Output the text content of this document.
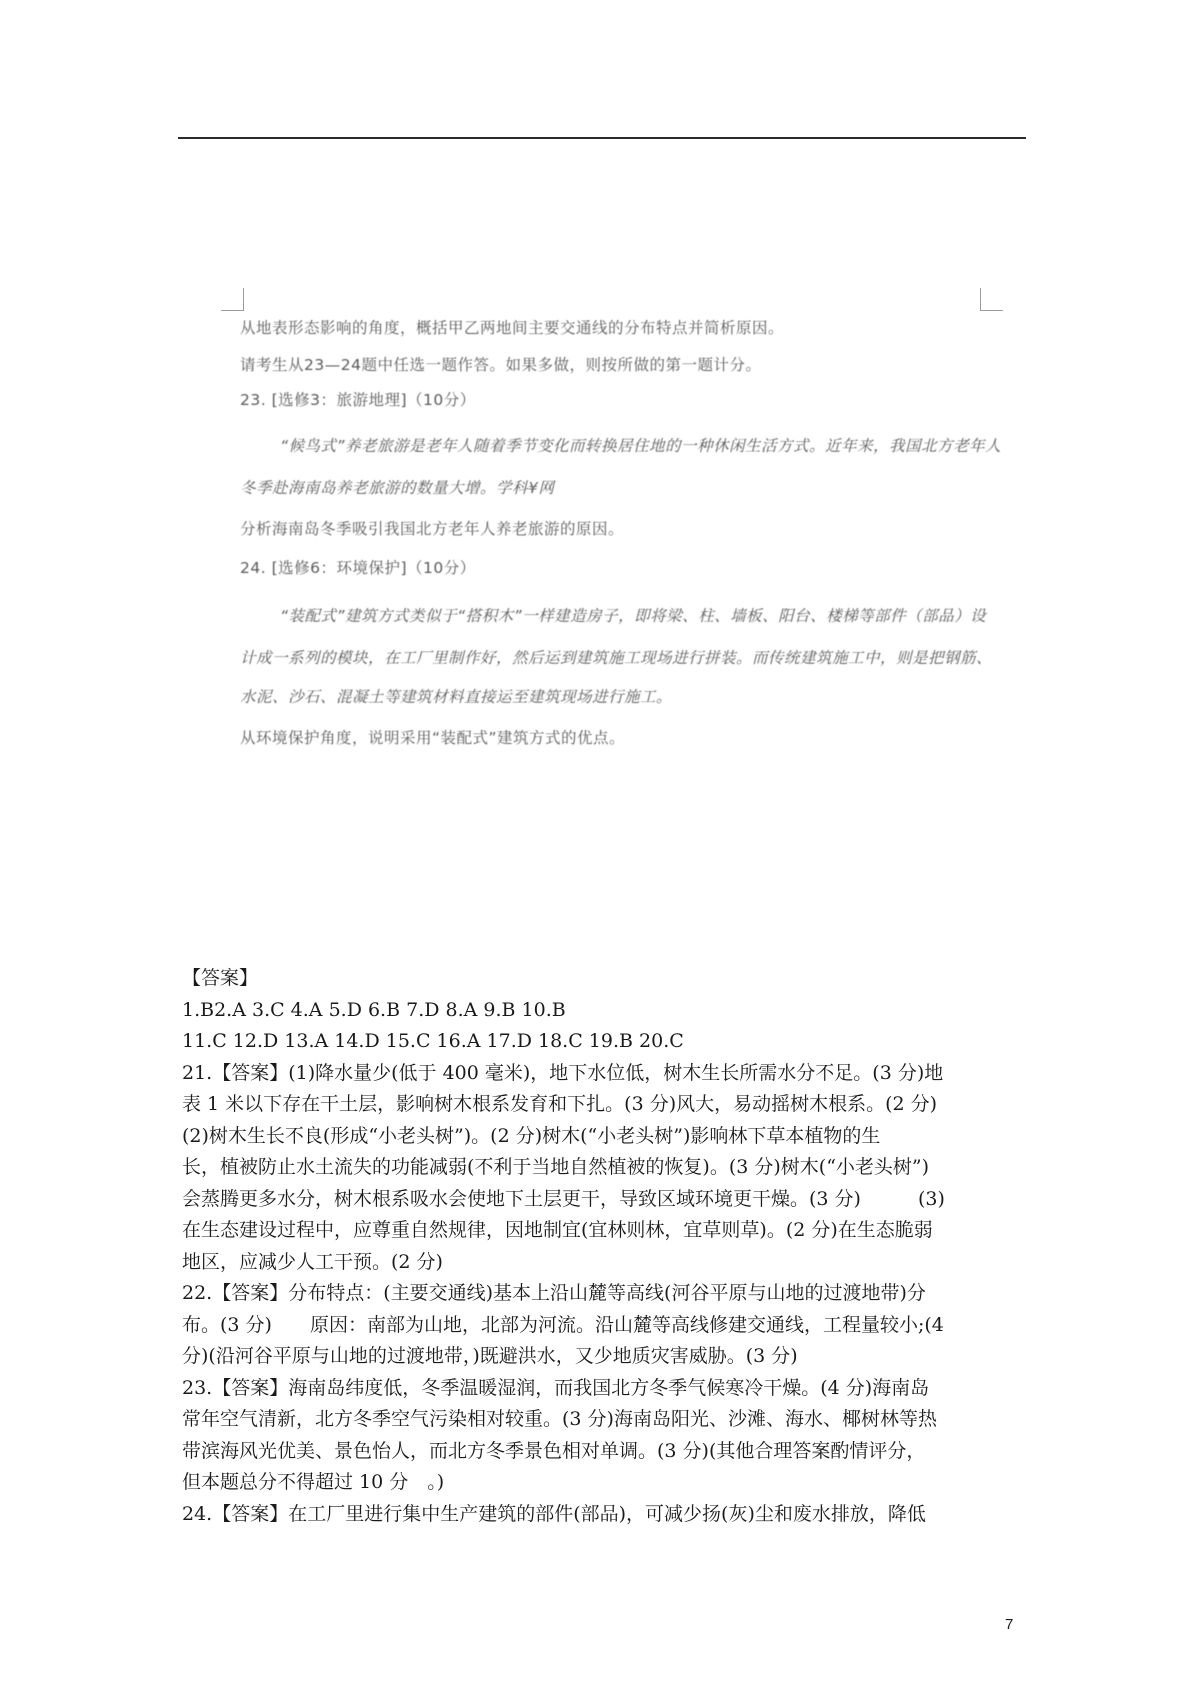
从地表形态影响的角度，概括甲乙两地间主要交通线的分布特点并简析原因。
请考生从23—24题中任选一题作答。如果多做，则按所做的第一题计分。
23. [选修3：旅游地理]（10分）
“候鸟式”养老旅游是老年人随着季节变化而转换居住地的一种休闲生活方式。近年来，我国北方老年人
冬季赴海南岛养老旅游的数量大增。学科¥网
分析海南岛冬季吸引我国北方老年人养老旅游的原因。
24. [选修6：环境保护]（10分）
“装配式”建筑方式类似于“搭积木”一样建造房子，即将梁、柱、墙板、阳台、楼梯等部件（部品）设
计成一系列的模块，在工厂里制作好，然后运到建筑施工现场进行拼装。而传统建筑施工中，则是把钢筋、
水泥、沙石、混凝土等建筑材料直接运至建筑现场进行施工。
从环境保护角度，说明采用“装配式”建筑方式的优点。

【答案】

1.B2.A 3.C 4.A 5.D 6.B 7.D 8.A 9.B 10.B

11.C 12.D 13.A 14.D 15.C 16.A 17.D 18.C 19.B 20.C

21.【答案】(1)降水量少(低于 400 毫米)，地下水位低，树木生长所需水分不足。(3 分)地

表 1 米以下存在干土层，影响树木根系发育和下扎。(3 分)风大，易动摇树木根系。(2 分)

(2)树木生长不良(形成“小老头树”)。(2 分)树木(“小老头树”)影响林下草本植物的生

长，植被防止水土流失的功能减弱(不利于当地自然植被的恢复)。(3 分)树木(“小老头树”)

会蒸腾更多水分，树木根系吸水会使地下土层更干，导致区域环境更干燥。(3 分)　　　(3)

在生态建设过程中，应尊重自然规律，因地制宜(宜林则林，宜草则草)。(2 分)在生态脆弱

地区，应减少人工干预。(2 分)

22.【答案】分布特点：(主要交通线)基本上沿山麓等高线(河谷平原与山地的过渡地带)分

布。(3 分)　　原因：南部为山地，北部为河流。沿山麓等高线修建交通线，工程量较小;(4

分)(沿河谷平原与山地的过渡地带，)既避洪水，又少地质灾害威胁。(3 分)

23.【答案】海南岛纬度低，冬季温暖湿润，而我国北方冬季气候寒冷干燥。(4 分)海南岛

常年空气清新，北方冬季空气污染相对较重。(3 分)海南岛阳光、沙滩、海水、椰树林等热

带滨海风光优美、景色怡人，而北方冬季景色相对单调。(3 分)(其他合理答案酌情评分，

但本题总分不得超过 10 分　。)

24.【答案】在工厂里进行集中生产建筑的部件(部品)，可减少扬(灰)尘和废水排放，降低

7
